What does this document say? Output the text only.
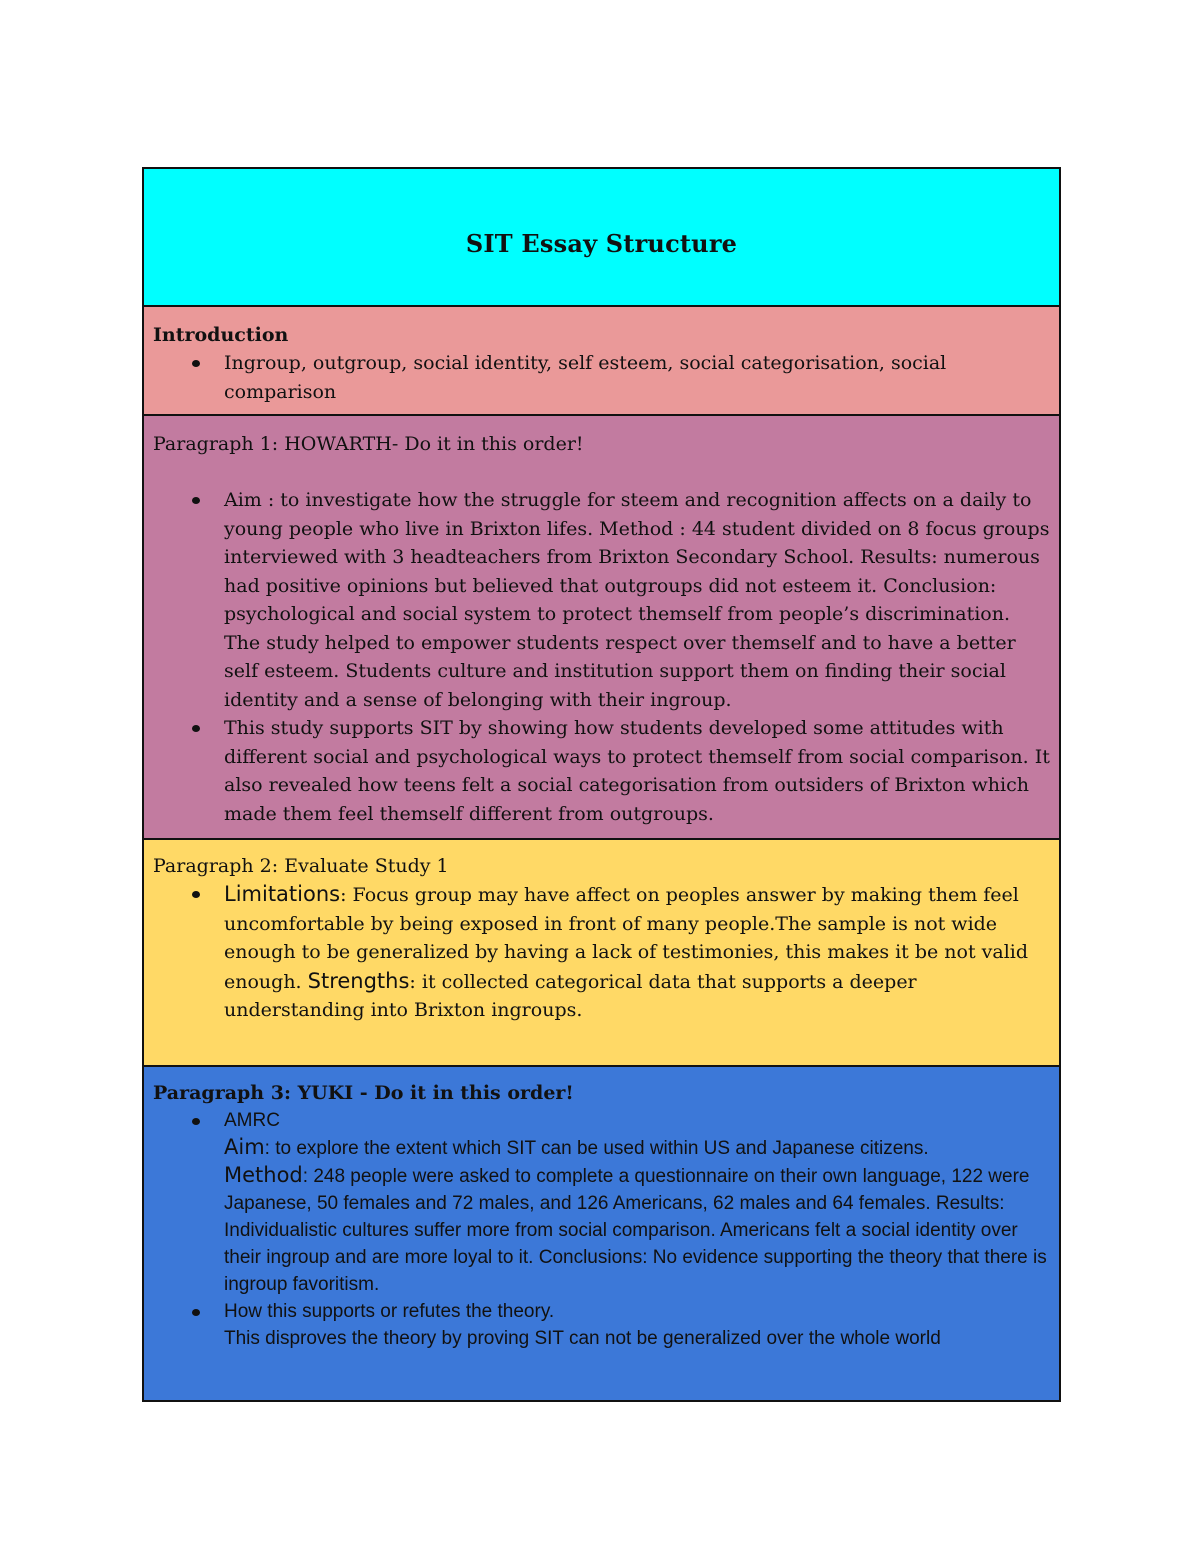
SIT Essay Structure
Introduction
Ingroup, outgroup, social identity, self esteem, social categorisation, social comparison
Paragraph 1: HOWARTH- Do it in this order!
Aim : to investigate how the struggle for steem and recognition affects on a daily to young people who live in Brixton lifes. Method : 44 student divided on 8 focus groups interviewed with 3 headteachers from Brixton Secondary School. Results: numerous had positive opinions but believed that outgroups did not esteem it. Conclusion: psychological and social system to protect themself from people’s discrimination. The study helped to empower students respect over themself and to have a better self esteem. Students culture and institution support them on finding their social identity and a sense of belonging with their ingroup.
This study supports SIT by showing how students developed some attitudes with different social and psychological ways to protect themself from social comparison. It also revealed how teens felt a social categorisation from outsiders of Brixton which made them feel themself different from outgroups.
Paragraph 2: Evaluate Study 1
Limitations: Focus group may have affect on peoples answer by making them feel uncomfortable by being exposed in front of many people.The sample is not wide enough to be generalized by having a lack of testimonies, this makes it be not valid enough. Strengths: it collected categorical data that supports a deeper understanding into Brixton ingroups.
Paragraph 3: YUKI - Do it in this order!
AMRC
Aim: to explore the extent which SIT can be used within US and Japanese citizens.
Method: 248 people were asked to complete a questionnaire on their own language, 122 were Japanese, 50 females and 72 males, and 126 Americans, 62 males and 64 females. Results: Individualistic cultures suffer more from social comparison. Americans felt a social identity over their ingroup and are more loyal to it. Conclusions: No evidence supporting the theory that there is ingroup favoritism.
How this supports or refutes the theory.
This disproves the theory by proving SIT can not be generalized over the whole world
